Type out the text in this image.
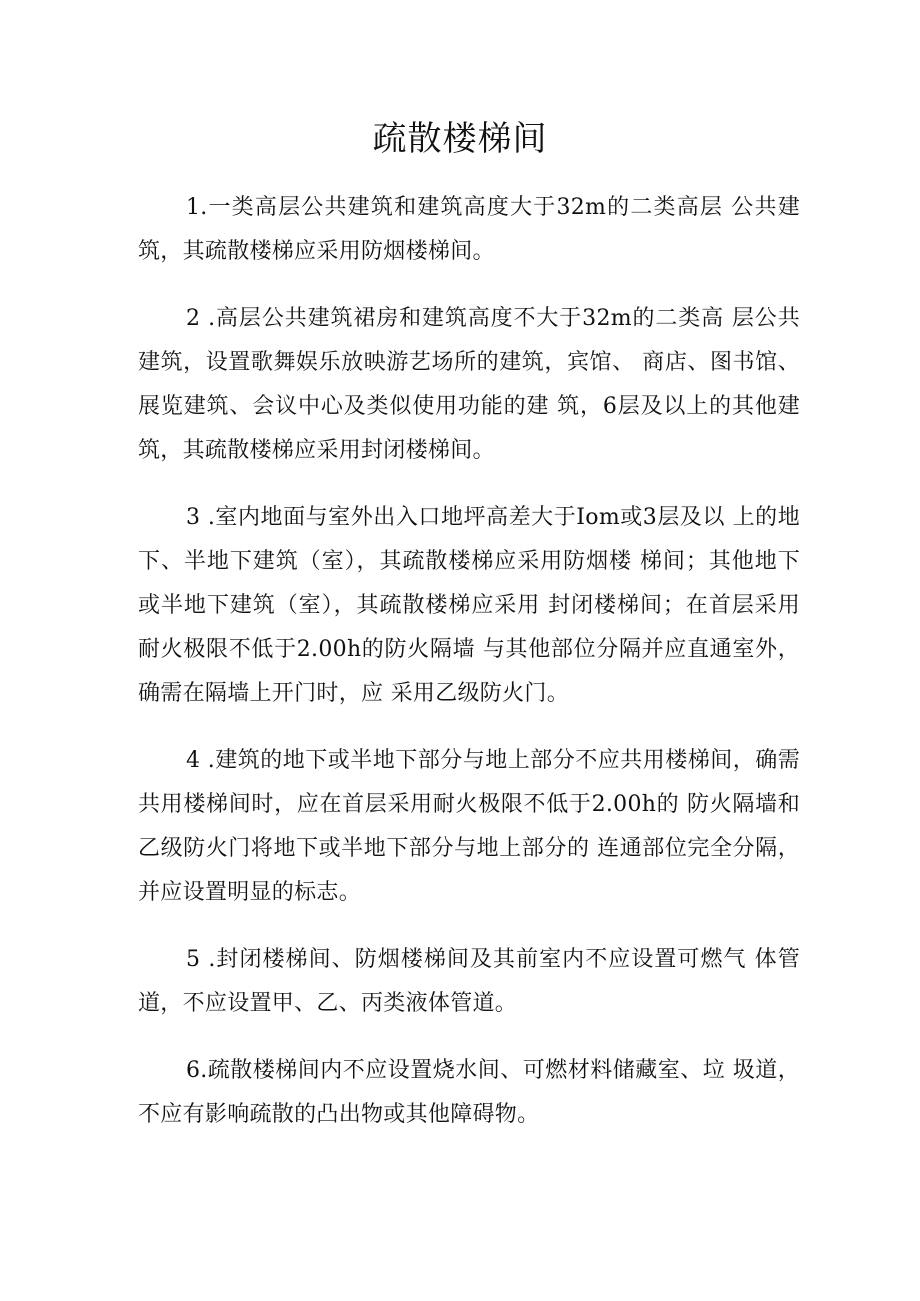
疏散楼梯间

1.一类高层公共建筑和建筑高度大于32m的二类高层 公共建筑，其疏散楼梯应采用防烟楼梯间。

2 .高层公共建筑裙房和建筑高度不大于32m的二类高 层公共建筑，设置歌舞娱乐放映游艺场所的建筑，宾馆、 商店、图书馆、展览建筑、会议中心及类似使用功能的建 筑，6层及以上的其他建筑，其疏散楼梯应采用封闭楼梯间。

3 .室内地面与室外出入口地坪高差大于Iom或3层及以 上的地下、半地下建筑（室），其疏散楼梯应采用防烟楼 梯间；其他地下或半地下建筑（室），其疏散楼梯应采用 封闭楼梯间；在首层采用耐火极限不低于2.00h的防火隔墙 与其他部位分隔并应直通室外，确需在隔墙上开门时，应 采用乙级防火门。

4 .建筑的地下或半地下部分与地上部分不应共用楼梯间，确需共用楼梯间时，应在首层采用耐火极限不低于2.00h的 防火隔墙和乙级防火门将地下或半地下部分与地上部分的 连通部位完全分隔，并应设置明显的标志。

5 .封闭楼梯间、防烟楼梯间及其前室内不应设置可燃气 体管道，不应设置甲、乙、丙类液体管道。

6.疏散楼梯间内不应设置烧水间、可燃材料储藏室、垃 圾道，不应有影响疏散的凸出物或其他障碍物。
